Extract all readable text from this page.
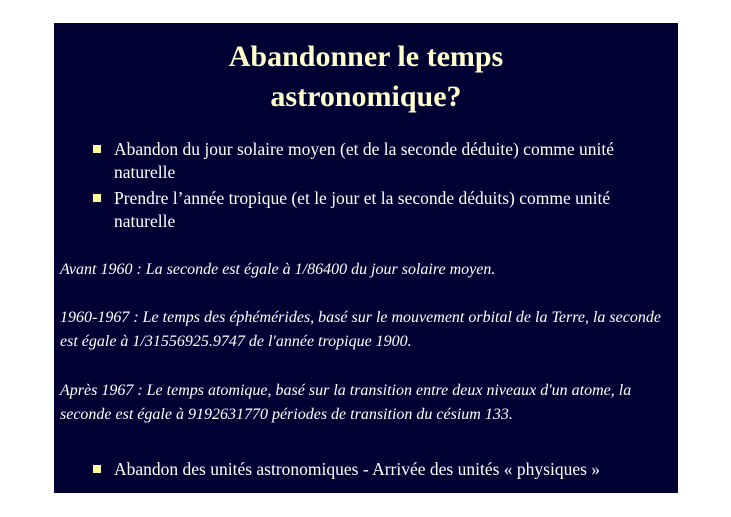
Abandonner le temps
astronomique?
Abandon du jour solaire moyen (et de la seconde déduite) comme unité naturelle
Prendre l’année tropique (et le jour et la seconde déduits) comme unité naturelle

Avant 1960 : La seconde est égale à 1/86400 du jour solaire moyen.

1960-1967 : Le temps des éphémérides, basé sur le mouvement orbital de la Terre, la seconde est égale à 1/31556925.9747 de l'année tropique 1900.

Après 1967 : Le temps atomique, basé sur la transition entre deux niveaux d'un atome, la seconde est égale à 9192631770 périodes de transition du césium 133.

Abandon des unités astronomiques - Arrivée des unités « physiques »
